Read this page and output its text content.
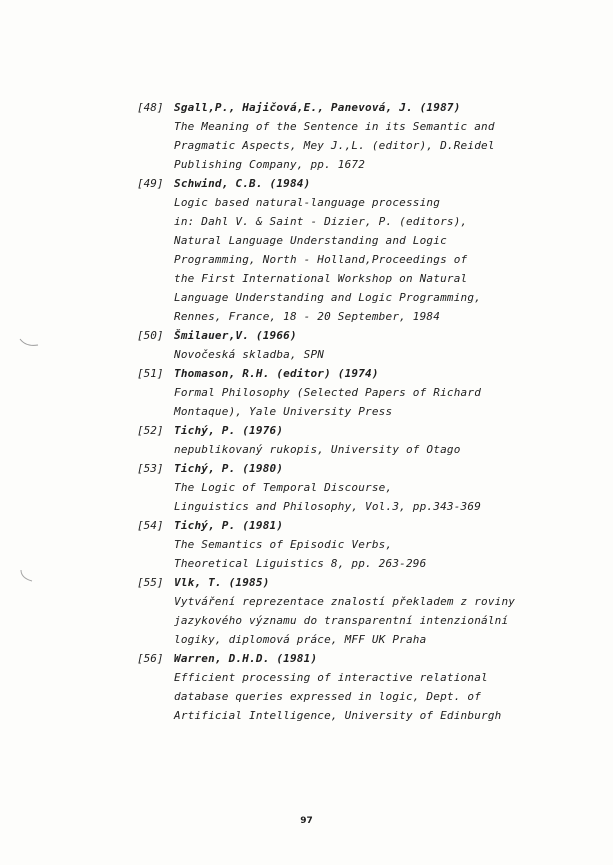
[48] Sgall,P., Hajičová,E., Panevová, J. (1987)
The Meaning of the Sentence in its Semantic and
Pragmatic Aspects, Mey J.,L. (editor), D.Reidel
Publishing Company, pp. 1672
[49] Schwind, C.B. (1984)
Logic based natural-language processing
in: Dahl V. & Saint - Dizier, P. (editors),
Natural Language Understanding and Logic
Programming, North - Holland,Proceedings of
the First International Workshop on Natural
Language Understanding and Logic Programming,
Rennes, France, 18 - 20 September, 1984
[50] Šmilauer,V. (1966)
Novočeská skladba, SPN
[51] Thomason, R.H. (editor) (1974)
Formal Philosophy (Selected Papers of Richard
Montaque), Yale University Press
[52] Tichý, P. (1976)
nepublikovaný rukopis, University of Otago
[53] Tichý, P. (1980)
The Logic of Temporal Discourse,
Linguistics and Philosophy, Vol.3, pp.343-369
[54] Tichý, P. (1981)
The Semantics of Episodic Verbs,
Theoretical Liguistics 8, pp. 263-296
[55] Vlk, T. (1985)
Vytváření reprezentace znalostí překladem z roviny
jazykového významu do transparentní intenzionální
logiky, diplomová práce, MFF UK Praha
[56] Warren, D.H.D. (1981)
Efficient processing of interactive relational
database queries expressed in logic, Dept. of
Artificial Intelligence, University of Edinburgh
97
